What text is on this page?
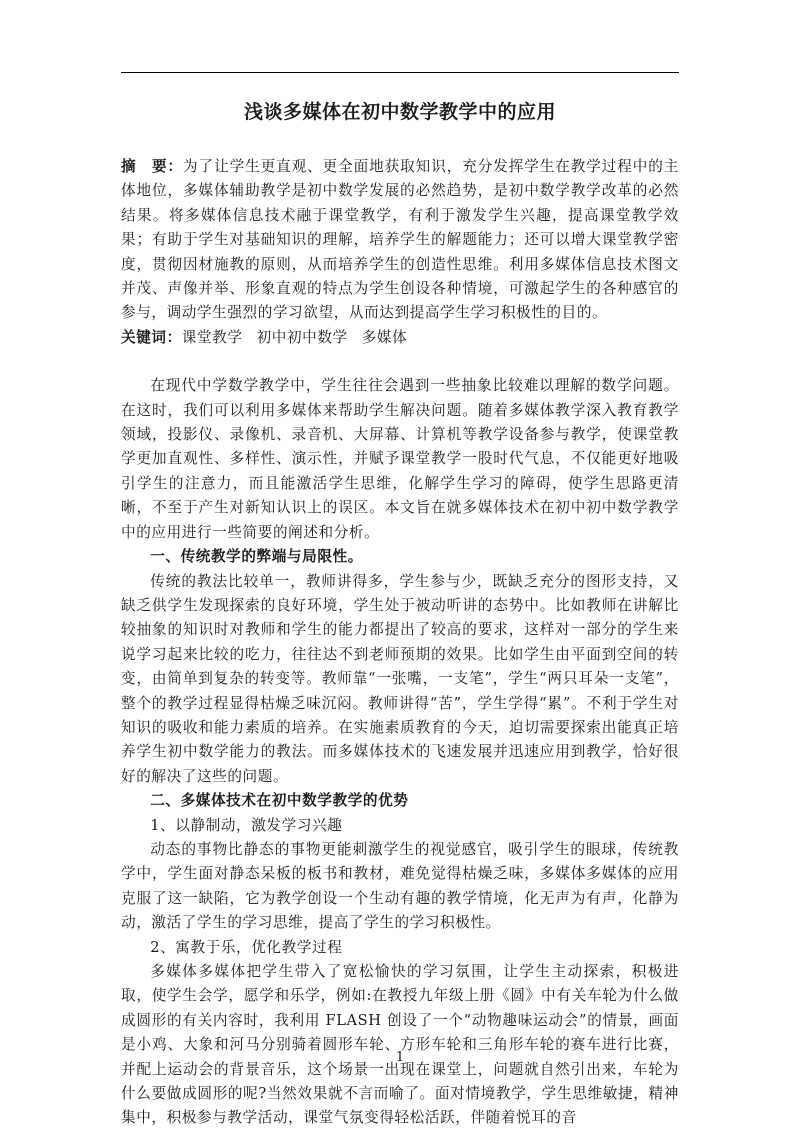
浅谈多媒体在初中数学教学中的应用

摘　要：为了让学生更直观、更全面地获取知识，充分发挥学生在教学过程中的主体地位，多媒体辅助教学是初中数学发展的必然趋势，是初中数学教学改革的必然结果。将多媒体信息技术融于课堂教学，有利于激发学生兴趣，提高课堂教学效果；有助于学生对基础知识的理解，培养学生的解题能力；还可以增大课堂教学密度，贯彻因材施教的原则，从而培养学生的创造性思维。利用多媒体信息技术图文并茂、声像并举、形象直观的特点为学生创设各种情境，可激起学生的各种感官的参与，调动学生强烈的学习欲望，从而达到提高学生学习积极性的目的。

关键词：课堂教学 初中初中数学 多媒体

在现代中学数学教学中，学生往往会遇到一些抽象比较难以理解的数学问题。在这时，我们可以利用多媒体来帮助学生解决问题。随着多媒体教学深入教育教学领域，投影仪、录像机、录音机、大屏幕、计算机等教学设备参与教学，使课堂教学更加直观性、多样性、演示性，并赋予课堂教学一股时代气息，不仅能更好地吸引学生的注意力，而且能激活学生思维，化解学生学习的障碍，使学生思路更清晰，不至于产生对新知认识上的误区。本文旨在就多媒体技术在初中初中数学教学中的应用进行一些简要的阐述和分析。

一、传统教学的弊端与局限性。

传统的教法比较单一，教师讲得多，学生参与少，既缺乏充分的图形支持，又缺乏供学生发现探索的良好环境，学生处于被动听讲的态势中。比如教师在讲解比较抽象的知识时对教师和学生的能力都提出了较高的要求，这样对一部分的学生来说学习起来比较的吃力，往往达不到老师预期的效果。比如学生由平面到空间的转变，由简单到复杂的转变等。教师靠“一张嘴，一支笔”，学生“两只耳朵一支笔”，整个的教学过程显得枯燥乏味沉闷。教师讲得“苦”，学生学得“累”。不利于学生对知识的吸收和能力素质的培养。在实施素质教育的今天，迫切需要探索出能真正培养学生初中数学能力的教法。而多媒体技术的飞速发展并迅速应用到教学，恰好很好的解决了这些的问题。

二、多媒体技术在初中数学教学的优势

1、以静制动，激发学习兴趣

动态的事物比静态的事物更能刺激学生的视觉感官，吸引学生的眼球，传统教学中，学生面对静态呆板的板书和教材，难免觉得枯燥乏味，多媒体多媒体的应用克服了这一缺陷，它为教学创设一个生动有趣的教学情境，化无声为有声，化静为动，激活了学生的学习思维，提高了学生的学习积极性。

2、寓教于乐，优化教学过程

多媒体多媒体把学生带入了宽松愉快的学习氛围，让学生主动探索，积极进取，使学生会学，愿学和乐学，例如:在教授九年级上册《圆》中有关车轮为什么做成圆形的有关内容时，我利用 FLASH 创设了一个“动物趣味运动会”的情景，画面是小鸡、大象和河马分别骑着圆形车轮、方形车轮和三角形车轮的赛车进行比赛，并配上运动会的背景音乐，这个场景一出现在课堂上，问题就自然引出来，车轮为什么要做成圆形的呢?当然效果就不言而喻了。面对情境教学，学生思维敏捷，精神集中，积极参与教学活动，课堂气氛变得轻松活跃，伴随着悦耳的音

1
